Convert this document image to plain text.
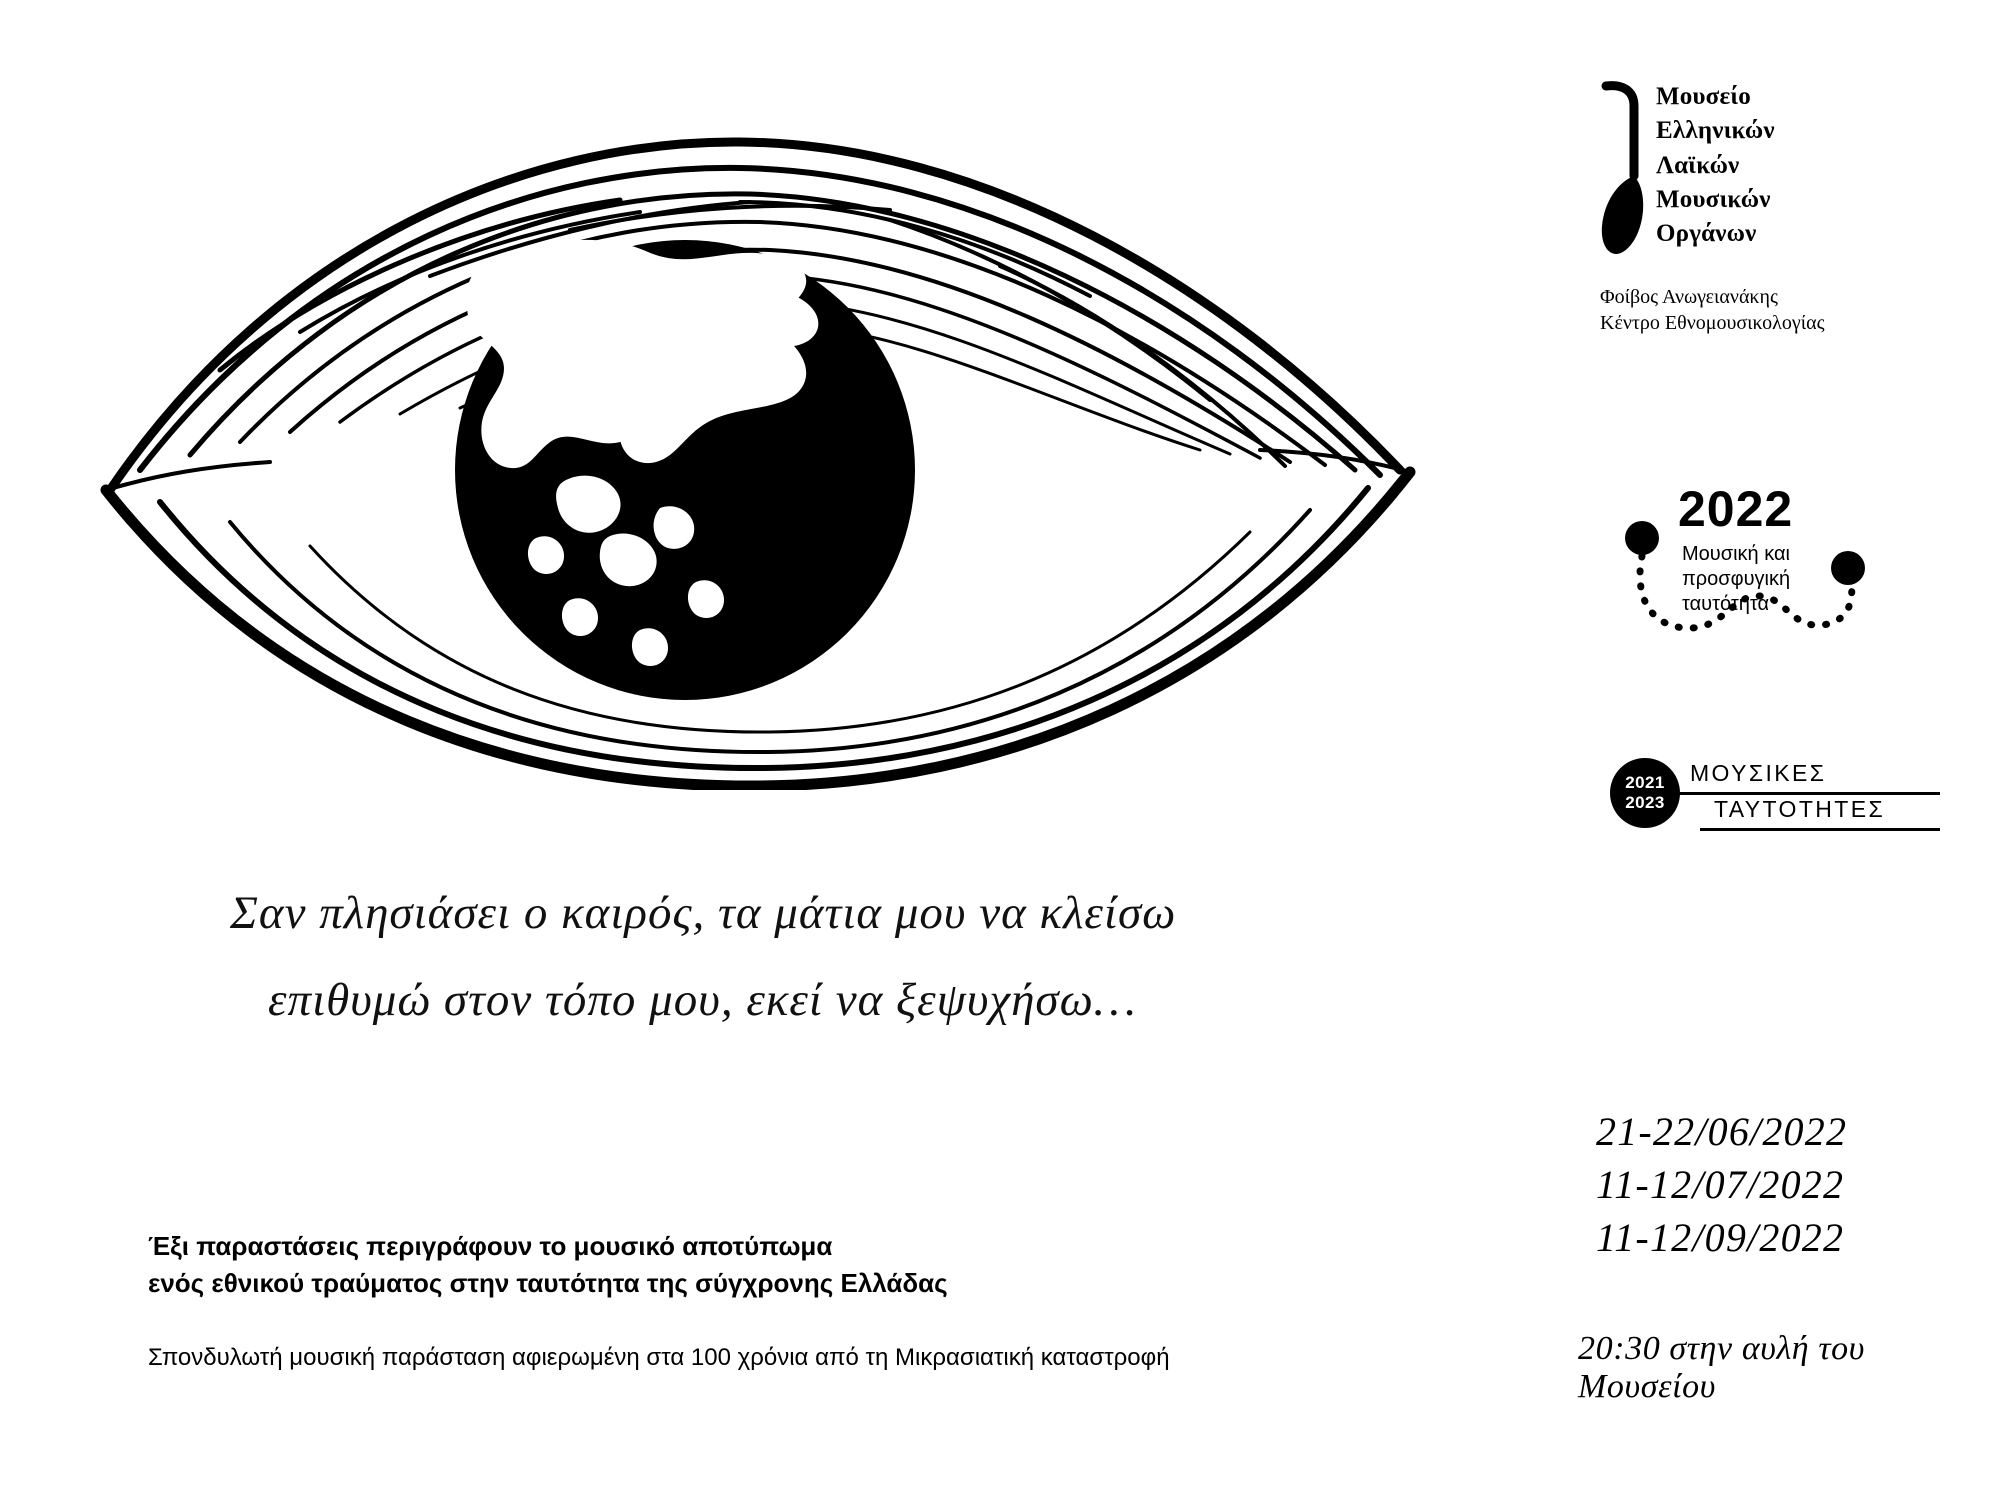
Μουσείο
Ελληνικών
Λαϊκών
Μουσικών
Οργάνων
Φοίβος Ανωγειανάκης
Κέντρο Εθνομουσικολογίας
2022
Μουσική και
προσφυγική
ταυτότητα
2021
2023
ΜΟΥΣΙΚΕΣ
ΤΑΥΤΟΤΗΤΕΣ
Σαν πλησιάσει ο καιρός, τα μάτια μου να κλείσω
επιθυμώ στον τόπο μου, εκεί να ξεψυχήσω…
Έξι παραστάσεις περιγράφουν το μουσικό αποτύπωμα
ενός εθνικού τραύματος στην ταυτότητα της σύγχρονης Ελλάδας
Σπονδυλωτή μουσική παράσταση αφιερωμένη στα 100 χρόνια από τη Μικρασιατική καταστροφή
21-22/06/2022
11-12/07/2022
11-12/09/2022
20:30 στην αυλή του Μουσείου
